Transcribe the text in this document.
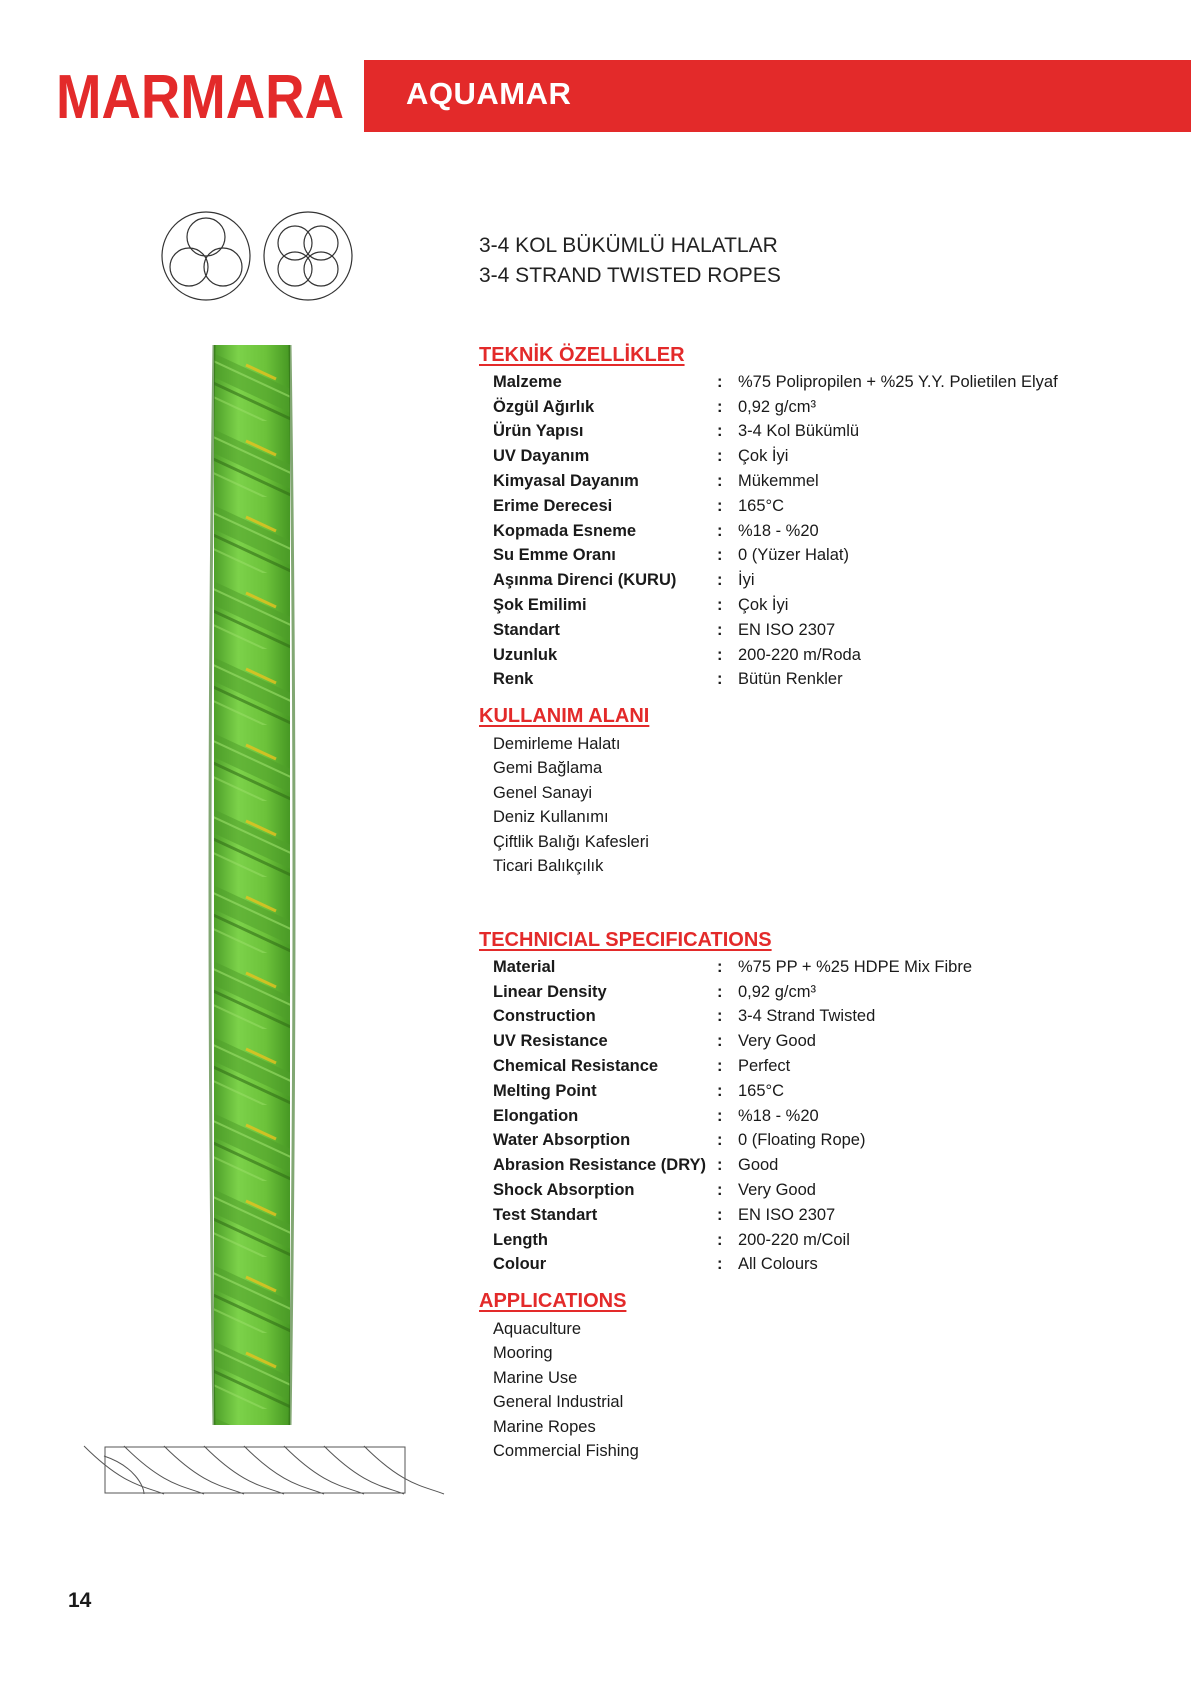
MARMARA AQUAMAR
3-4 KOL BÜKÜMLÜ HALATLAR
3-4 STRAND TWISTED ROPES
TEKNİK ÖZELLİKLER
Malzeme	: %75 Polipropilen + %25 Y.Y. Polietilen Elyaf
Özgül Ağırlık	: 0,92 g/cm³
Ürün Yapısı	: 3-4 Kol Bükümlü
UV Dayanım	: Çok İyi
Kimyasal Dayanım	: Mükemmel
Erime Derecesi	: 165°C
Kopmada Esneme	: %18 - %20
Su Emme Oranı	: 0 (Yüzer Halat)
Aşınma Direnci (KURU)	: İyi
Şok Emilimi	: Çok İyi
Standart	: EN ISO 2307
Uzunluk	: 200-220 m/Roda
Renk	: Bütün Renkler
KULLANIM ALANI
Demirleme Halatı
Gemi Bağlama
Genel Sanayi
Deniz Kullanımı
Çiftlik Balığı Kafesleri
Ticari Balıkçılık
TECHNICIAL SPECIFICATIONS
Material	: %75 PP + %25 HDPE Mix Fibre
Linear Density	: 0,92 g/cm³
Construction	: 3-4 Strand Twisted
UV Resistance	: Very Good
Chemical Resistance	: Perfect
Melting Point	: 165°C
Elongation	: %18 - %20
Water Absorption	: 0 (Floating Rope)
Abrasion Resistance (DRY) : Good
Shock Absorption	: Very Good
Test Standart	: EN ISO 2307
Length	: 200-220 m/Coil
Colour	: All Colours
APPLICATIONS
Aquaculture
Mooring
Marine Use
General Industrial
Marine Ropes
Commercial Fishing
14
